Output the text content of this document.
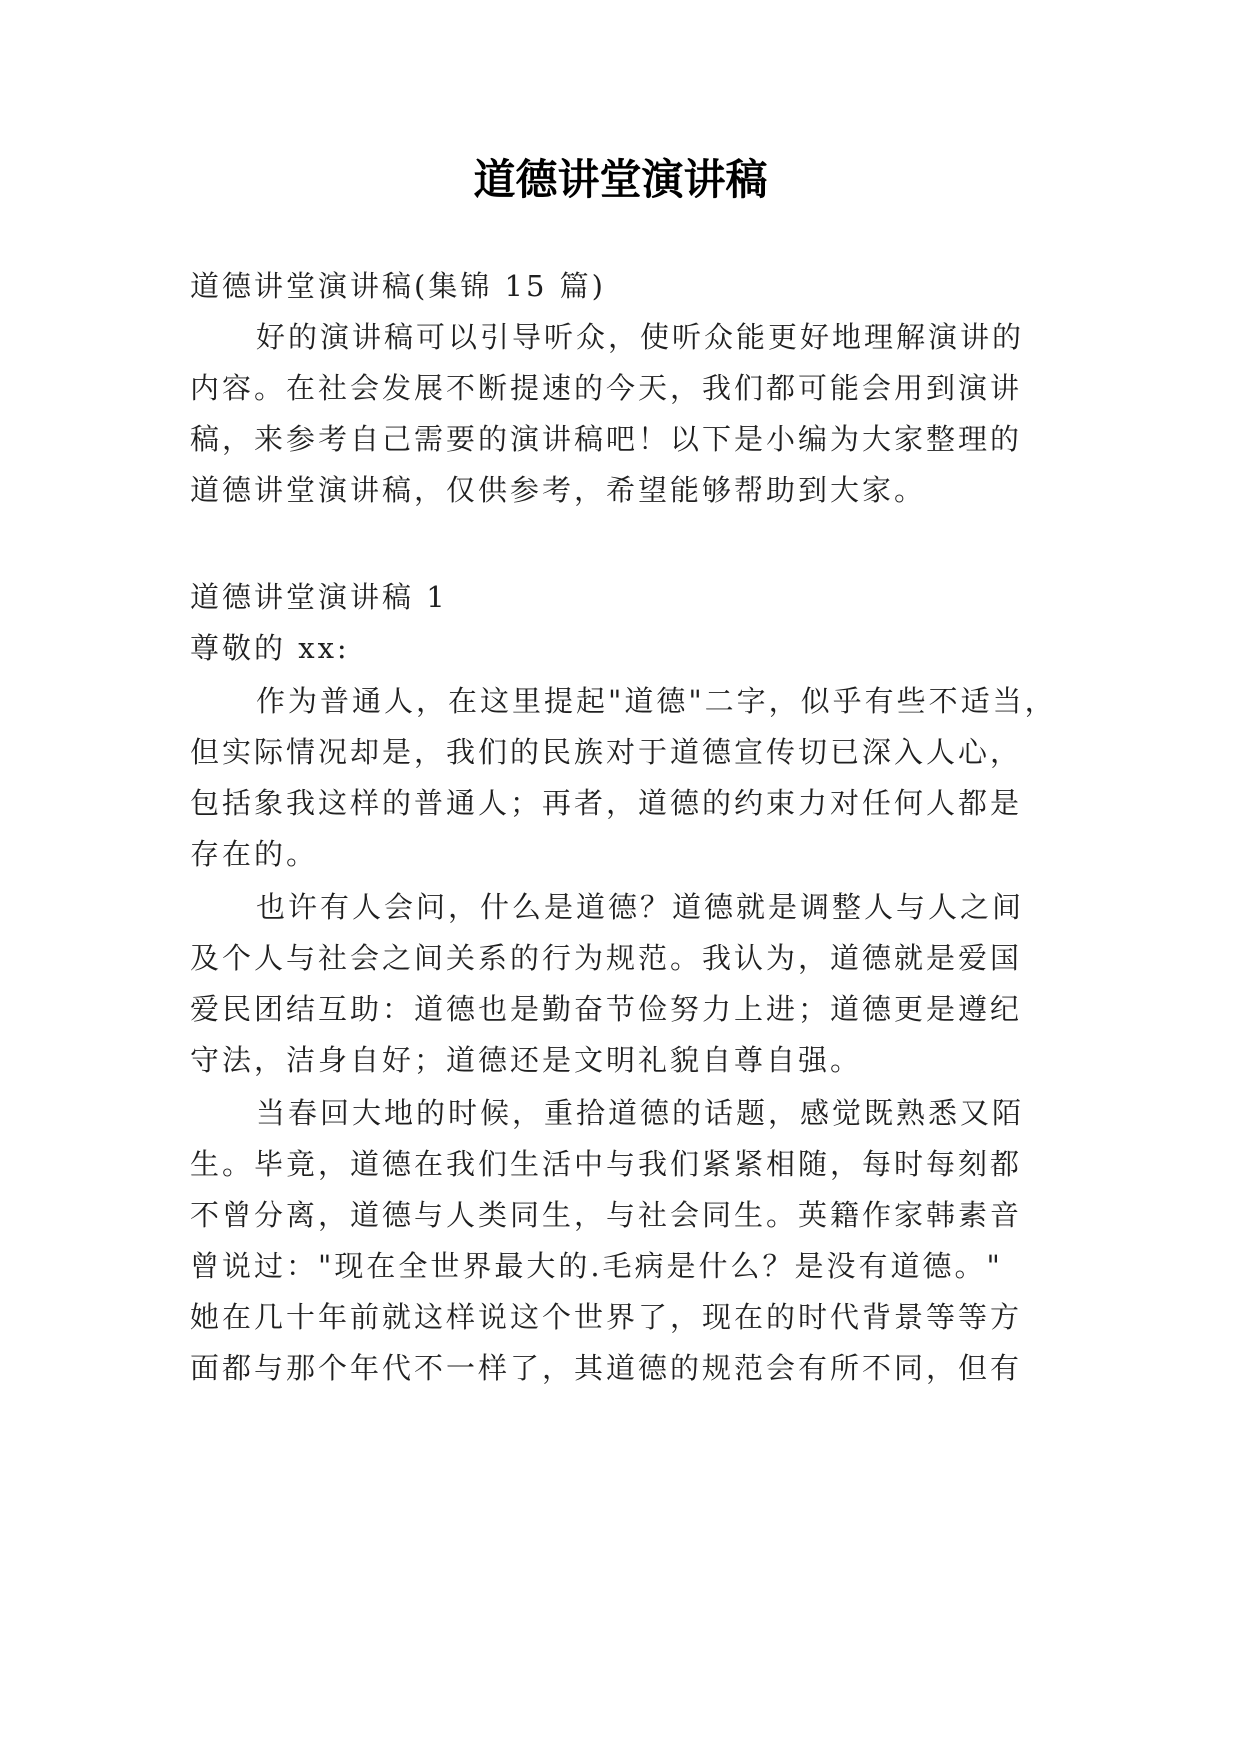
道德讲堂演讲稿

道德讲堂演讲稿(集锦 15 篇)

好的演讲稿可以引导听众，使听众能更好地理解演讲的

内容。在社会发展不断提速的今天，我们都可能会用到演讲

稿，来参考自己需要的演讲稿吧！以下是小编为大家整理的

道德讲堂演讲稿，仅供参考，希望能够帮助到大家。

道德讲堂演讲稿 1

尊敬的 xx:

作为普通人，在这里提起"道德"二字，似乎有些不适当，

但实际情况却是，我们的民族对于道德宣传切已深入人心，

包括象我这样的普通人；再者，道德的约束力对任何人都是

存在的。

也许有人会问，什么是道德？道德就是调整人与人之间

及个人与社会之间关系的行为规范。我认为，道德就是爱国

爱民团结互助：道德也是勤奋节俭努力上进；道德更是遵纪

守法，洁身自好；道德还是文明礼貌自尊自强。

当春回大地的时候，重拾道德的话题，感觉既熟悉又陌

生。毕竟，道德在我们生活中与我们紧紧相随，每时每刻都

不曾分离，道德与人类同生，与社会同生。英籍作家韩素音

曾说过："现在全世界最大的.毛病是什么？是没有道德。"

她在几十年前就这样说这个世界了，现在的时代背景等等方

面都与那个年代不一样了，其道德的规范会有所不同，但有
